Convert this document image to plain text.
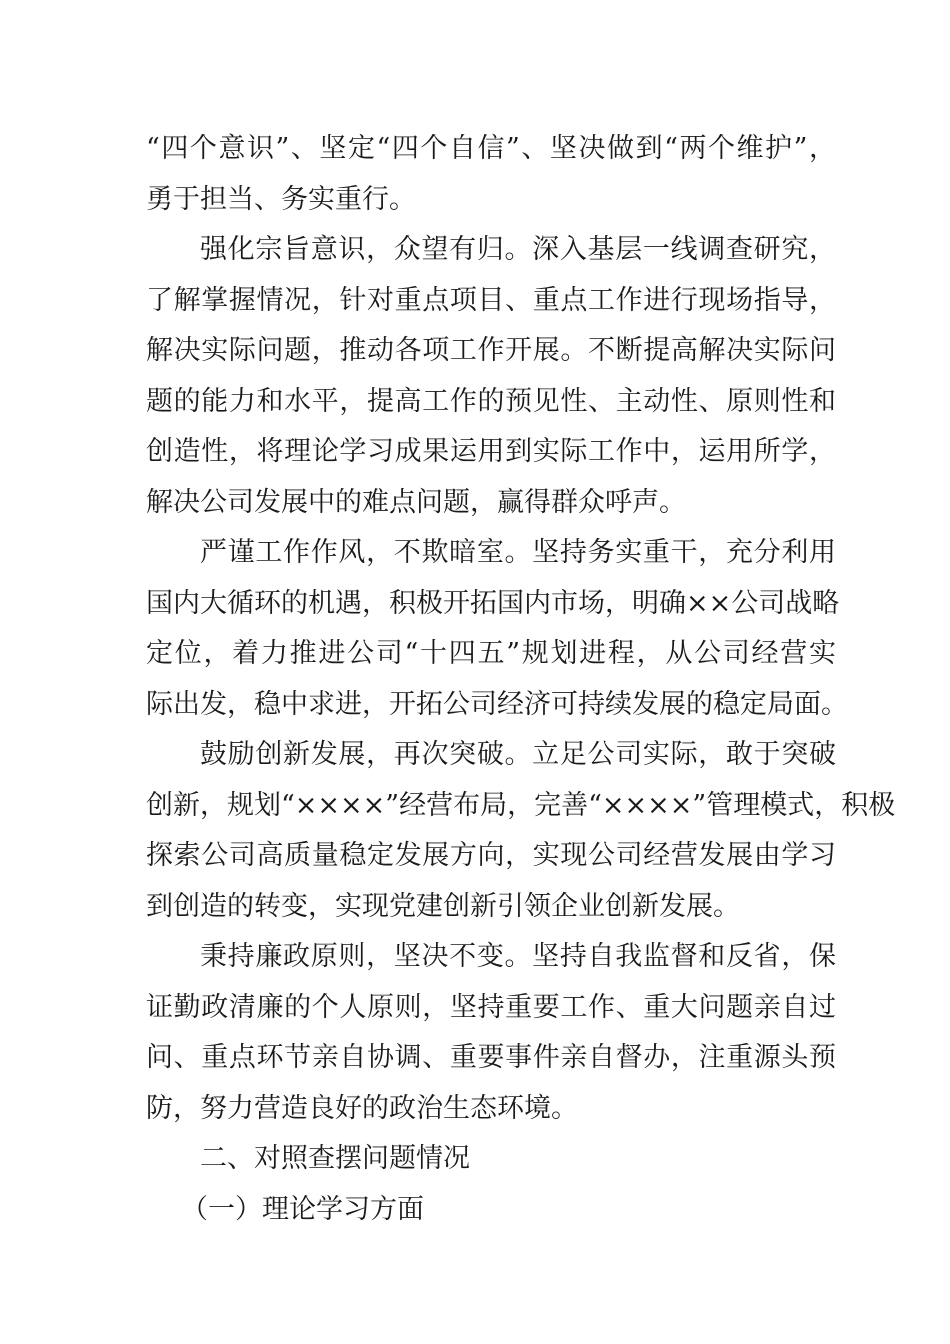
“四个意识”、坚定“四个自信”、坚决做到“两个维护”，
勇于担当、务实重行。
强化宗旨意识，众望有归。深入基层一线调查研究，
了解掌握情况，针对重点项目、重点工作进行现场指导，
解决实际问题，推动各项工作开展。不断提高解决实际问
题的能力和水平，提高工作的预见性、主动性、原则性和
创造性，将理论学习成果运用到实际工作中，运用所学，
解决公司发展中的难点问题，赢得群众呼声。
严谨工作作风，不欺暗室。坚持务实重干，充分利用
国内大循环的机遇，积极开拓国内市场，明确××公司战略
定位，着力推进公司“十四五”规划进程，从公司经营实
际出发，稳中求进，开拓公司经济可持续发展的稳定局面。
鼓励创新发展，再次突破。立足公司实际，敢于突破
创新，规划“××××”经营布局，完善“××××”管理模式，积极
探索公司高质量稳定发展方向，实现公司经营发展由学习
到创造的转变，实现党建创新引领企业创新发展。
秉持廉政原则，坚决不变。坚持自我监督和反省，保
证勤政清廉的个人原则，坚持重要工作、重大问题亲自过
问、重点环节亲自协调、重要事件亲自督办，注重源头预
防，努力营造良好的政治生态环境。
二、对照查摆问题情况
（一）理论学习方面
